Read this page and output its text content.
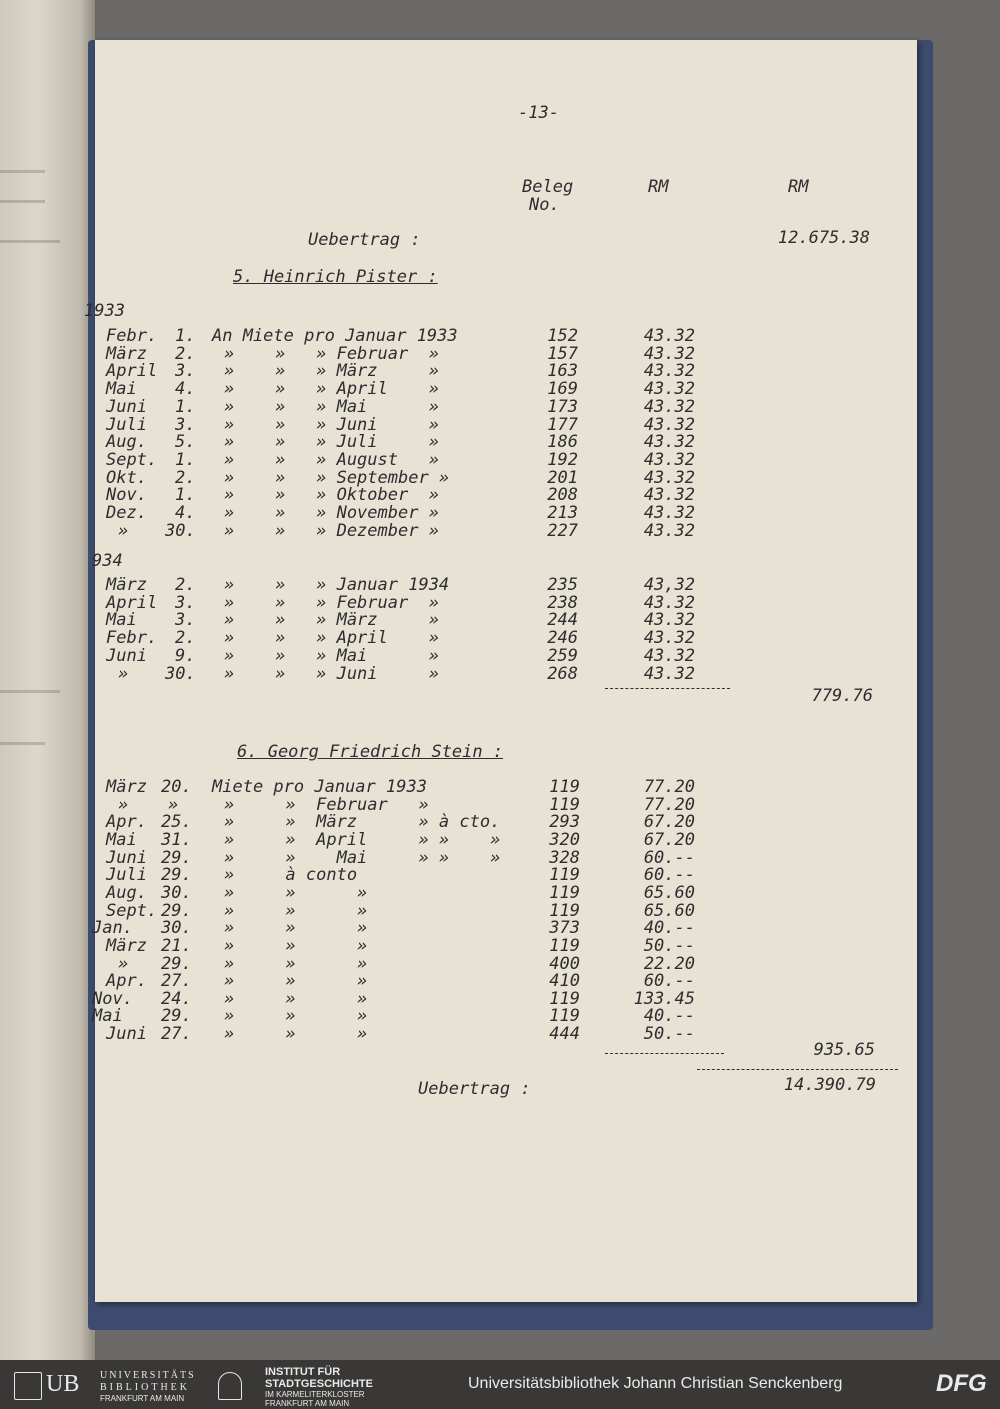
-13-
Beleg
No.
RM	RM
Uebertrag :	12.675.38
5. Heinrich Pister :
1933
Febr. 1. An Miete pro Januar 1933	152	43.32
März 2. »    »   » Februar  »	157	43.32
April 3. »    »   » März     »	163	43.32
Mai 4. »    »   » April    »	169	43.32
Juni 1. »    »   » Mai      »	173	43.32
Juli 3. »    »   » Juni     »	177	43.32
Aug. 5. »    »   » Juli     »	186	43.32
Sept. 1. »    »   » August   »	192	43.32
Okt. 2. »    »   » September »	201	43.32
Nov. 1. »    »   » Oktober  »	208	43.32
Dez. 4. »    »   » November »	213	43.32
» 30. »    »   » Dezember »	227	43.32
934
März 2. »    »   » Januar 1934	235	43,32
April 3. »    »   » Februar  »	238	43.32
Mai 3. »    »   » März     »	244	43.32
Febr. 2. »    »   » April    »	246	43.32
Juni 9. »    »   » Mai      »	259	43.32
» 30. »    »   » Juni     »	268	43.32
779.76
6. Georg Friedrich Stein :
März 20. Miete pro Januar 1933	119	77.20
» »	»     »  Februar   »	119	77.20
Apr. 25. »     »  März      » à cto.	293	67.20
Mai 31. »     »  April     » »    »	320	67.20
Juni 29. »     »    Mai     » »    »	328	60.--
Juli 29. »     à conto	119	60.--
Aug. 30. »     »      »	119	65.60
Sept. 29. »     »      »	119	65.60
Jan. 30. »     »      »	373	40.--
März 21. »     »      »	119	50.--
» 29. »     »      »	400	22.20
Apr. 27. »     »      »	410	60.--
Nov. 24. »     »      »	119	133.45
Mai 29. »     »      »	119	40.--
Juni 27. »     »      »	444	50.--
935.65
Uebertrag :	14.390.79
UB UNIVERSITÄTS
BIBLIOTHEK
FRANKFURT AM MAIN
INSTITUT FÜR
STADTGESCHICHTE
IM KARMELITERKLOSTER
FRANKFURT AM MAIN
Universitätsbibliothek Johann Christian Senckenberg	DFG
